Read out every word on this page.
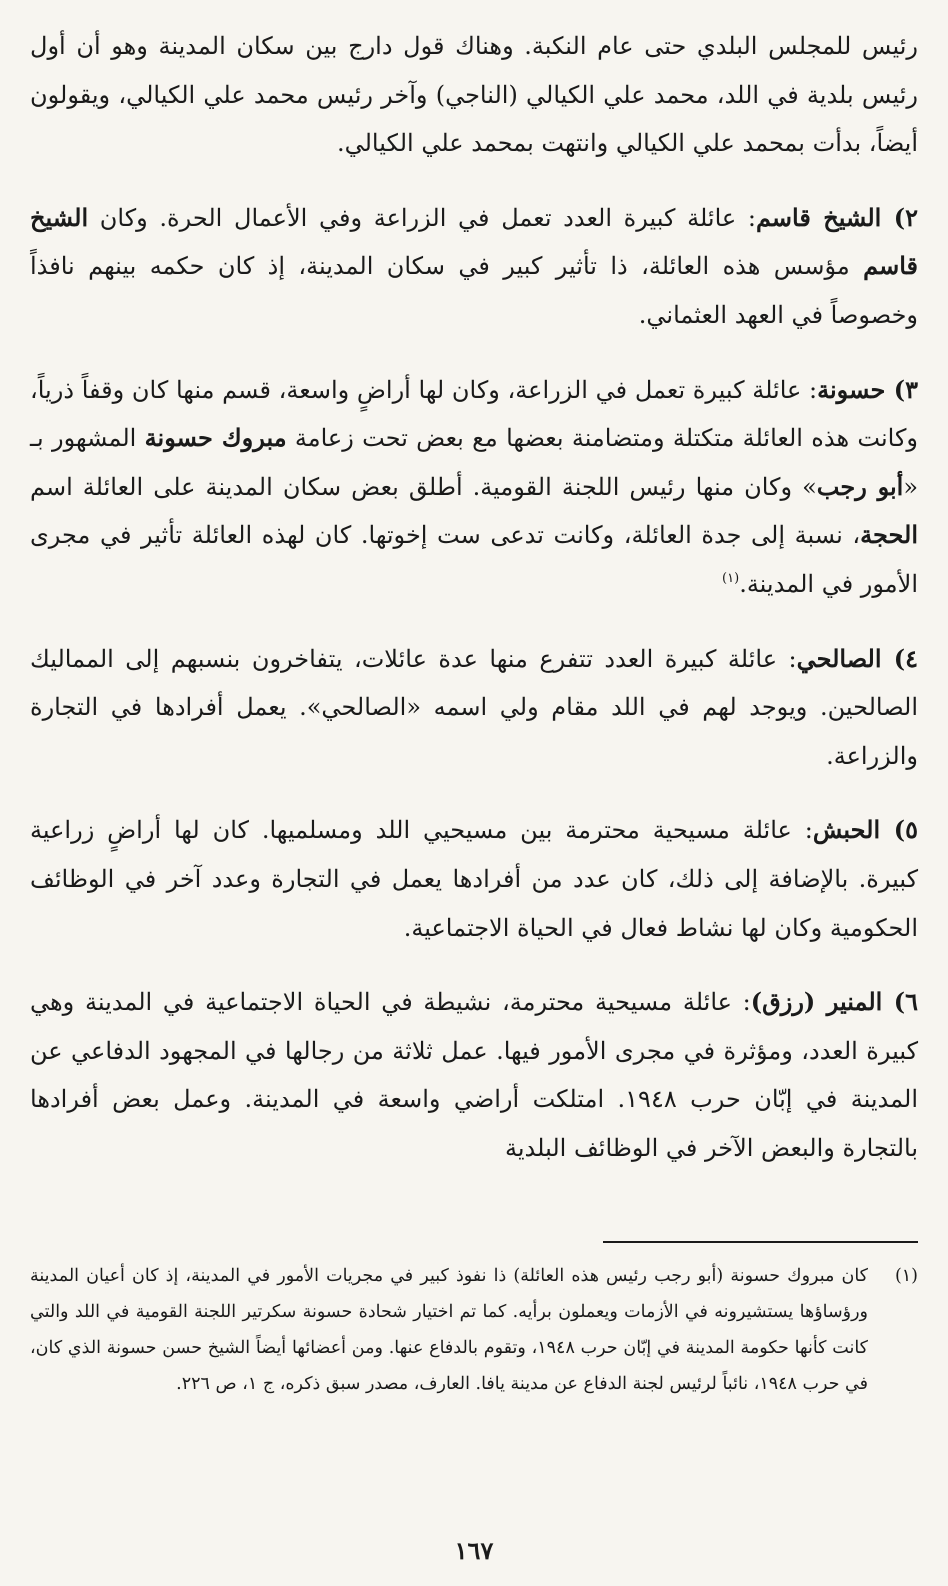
رئيس للمجلس البلدي حتى عام النكبة. وهناك قول دارج بين سكان المدينة وهو أن أول رئيس بلدية في اللد، محمد علي الكيالي (الناجي) وآخر رئيس محمد علي الكيالي، ويقولون أيضاً، بدأت بمحمد علي الكيالي وانتهت بمحمد علي الكيالي.

٢) الشيخ قاسم: عائلة كبيرة العدد تعمل في الزراعة وفي الأعمال الحرة. وكان الشيخ قاسم مؤسس هذه العائلة، ذا تأثير كبير في سكان المدينة، إذ كان حكمه بينهم نافذاً وخصوصاً في العهد العثماني.

٣) حسونة: عائلة كبيرة تعمل في الزراعة، وكان لها أراضٍ واسعة، قسم منها كان وقفاً ذرياً، وكانت هذه العائلة متكتلة ومتضامنة بعضها مع بعض تحت زعامة مبروك حسونة المشهور بـ «أبو رجب» وكان منها رئيس اللجنة القومية. أطلق بعض سكان المدينة على العائلة اسم الحجة، نسبة إلى جدة العائلة، وكانت تدعى ست إخوتها. كان لهذه العائلة تأثير في مجرى الأمور في المدينة.$^{(١)}$

٤) الصالحي: عائلة كبيرة العدد تتفرع منها عدة عائلات، يتفاخرون بنسبهم إلى المماليك الصالحين. ويوجد لهم في اللد مقام ولي اسمه «الصالحي». يعمل أفرادها في التجارة والزراعة.

٥) الحبش: عائلة مسيحية محترمة بين مسيحيي اللد ومسلميها. كان لها أراضٍ زراعية كبيرة. بالإضافة إلى ذلك، كان عدد من أفرادها يعمل في التجارة وعدد آخر في الوظائف الحكومية وكان لها نشاط فعال في الحياة الاجتماعية.

٦) المنير (رزق): عائلة مسيحية محترمة، نشيطة في الحياة الاجتماعية في المدينة وهي كبيرة العدد، ومؤثرة في مجرى الأمور فيها. عمل ثلاثة من رجالها في المجهود الدفاعي عن المدينة في إبّان حرب ١٩٤٨. امتلكت أراضي واسعة في المدينة. وعمل بعض أفرادها بالتجارة والبعض الآخر في الوظائف البلدية

(١)
كان مبروك حسونة (أبو رجب رئيس هذه العائلة) ذا نفوذ كبير في مجريات الأمور في المدينة، إذ كان أعيان المدينة ورؤساؤها يستشيرونه في الأزمات ويعملون برأيه. كما تم اختيار شحادة حسونة سكرتير اللجنة القومية في اللد والتي كانت كأنها حكومة المدينة في إبّان حرب ١٩٤٨، وتقوم بالدفاع عنها. ومن أعضائها أيضاً الشيخ حسن حسونة الذي كان، في حرب ١٩٤٨، نائباً لرئيس لجنة الدفاع عن مدينة يافا. العارف، مصدر سبق ذكره، ج ١، ص ٢٢٦.
١٦٧
